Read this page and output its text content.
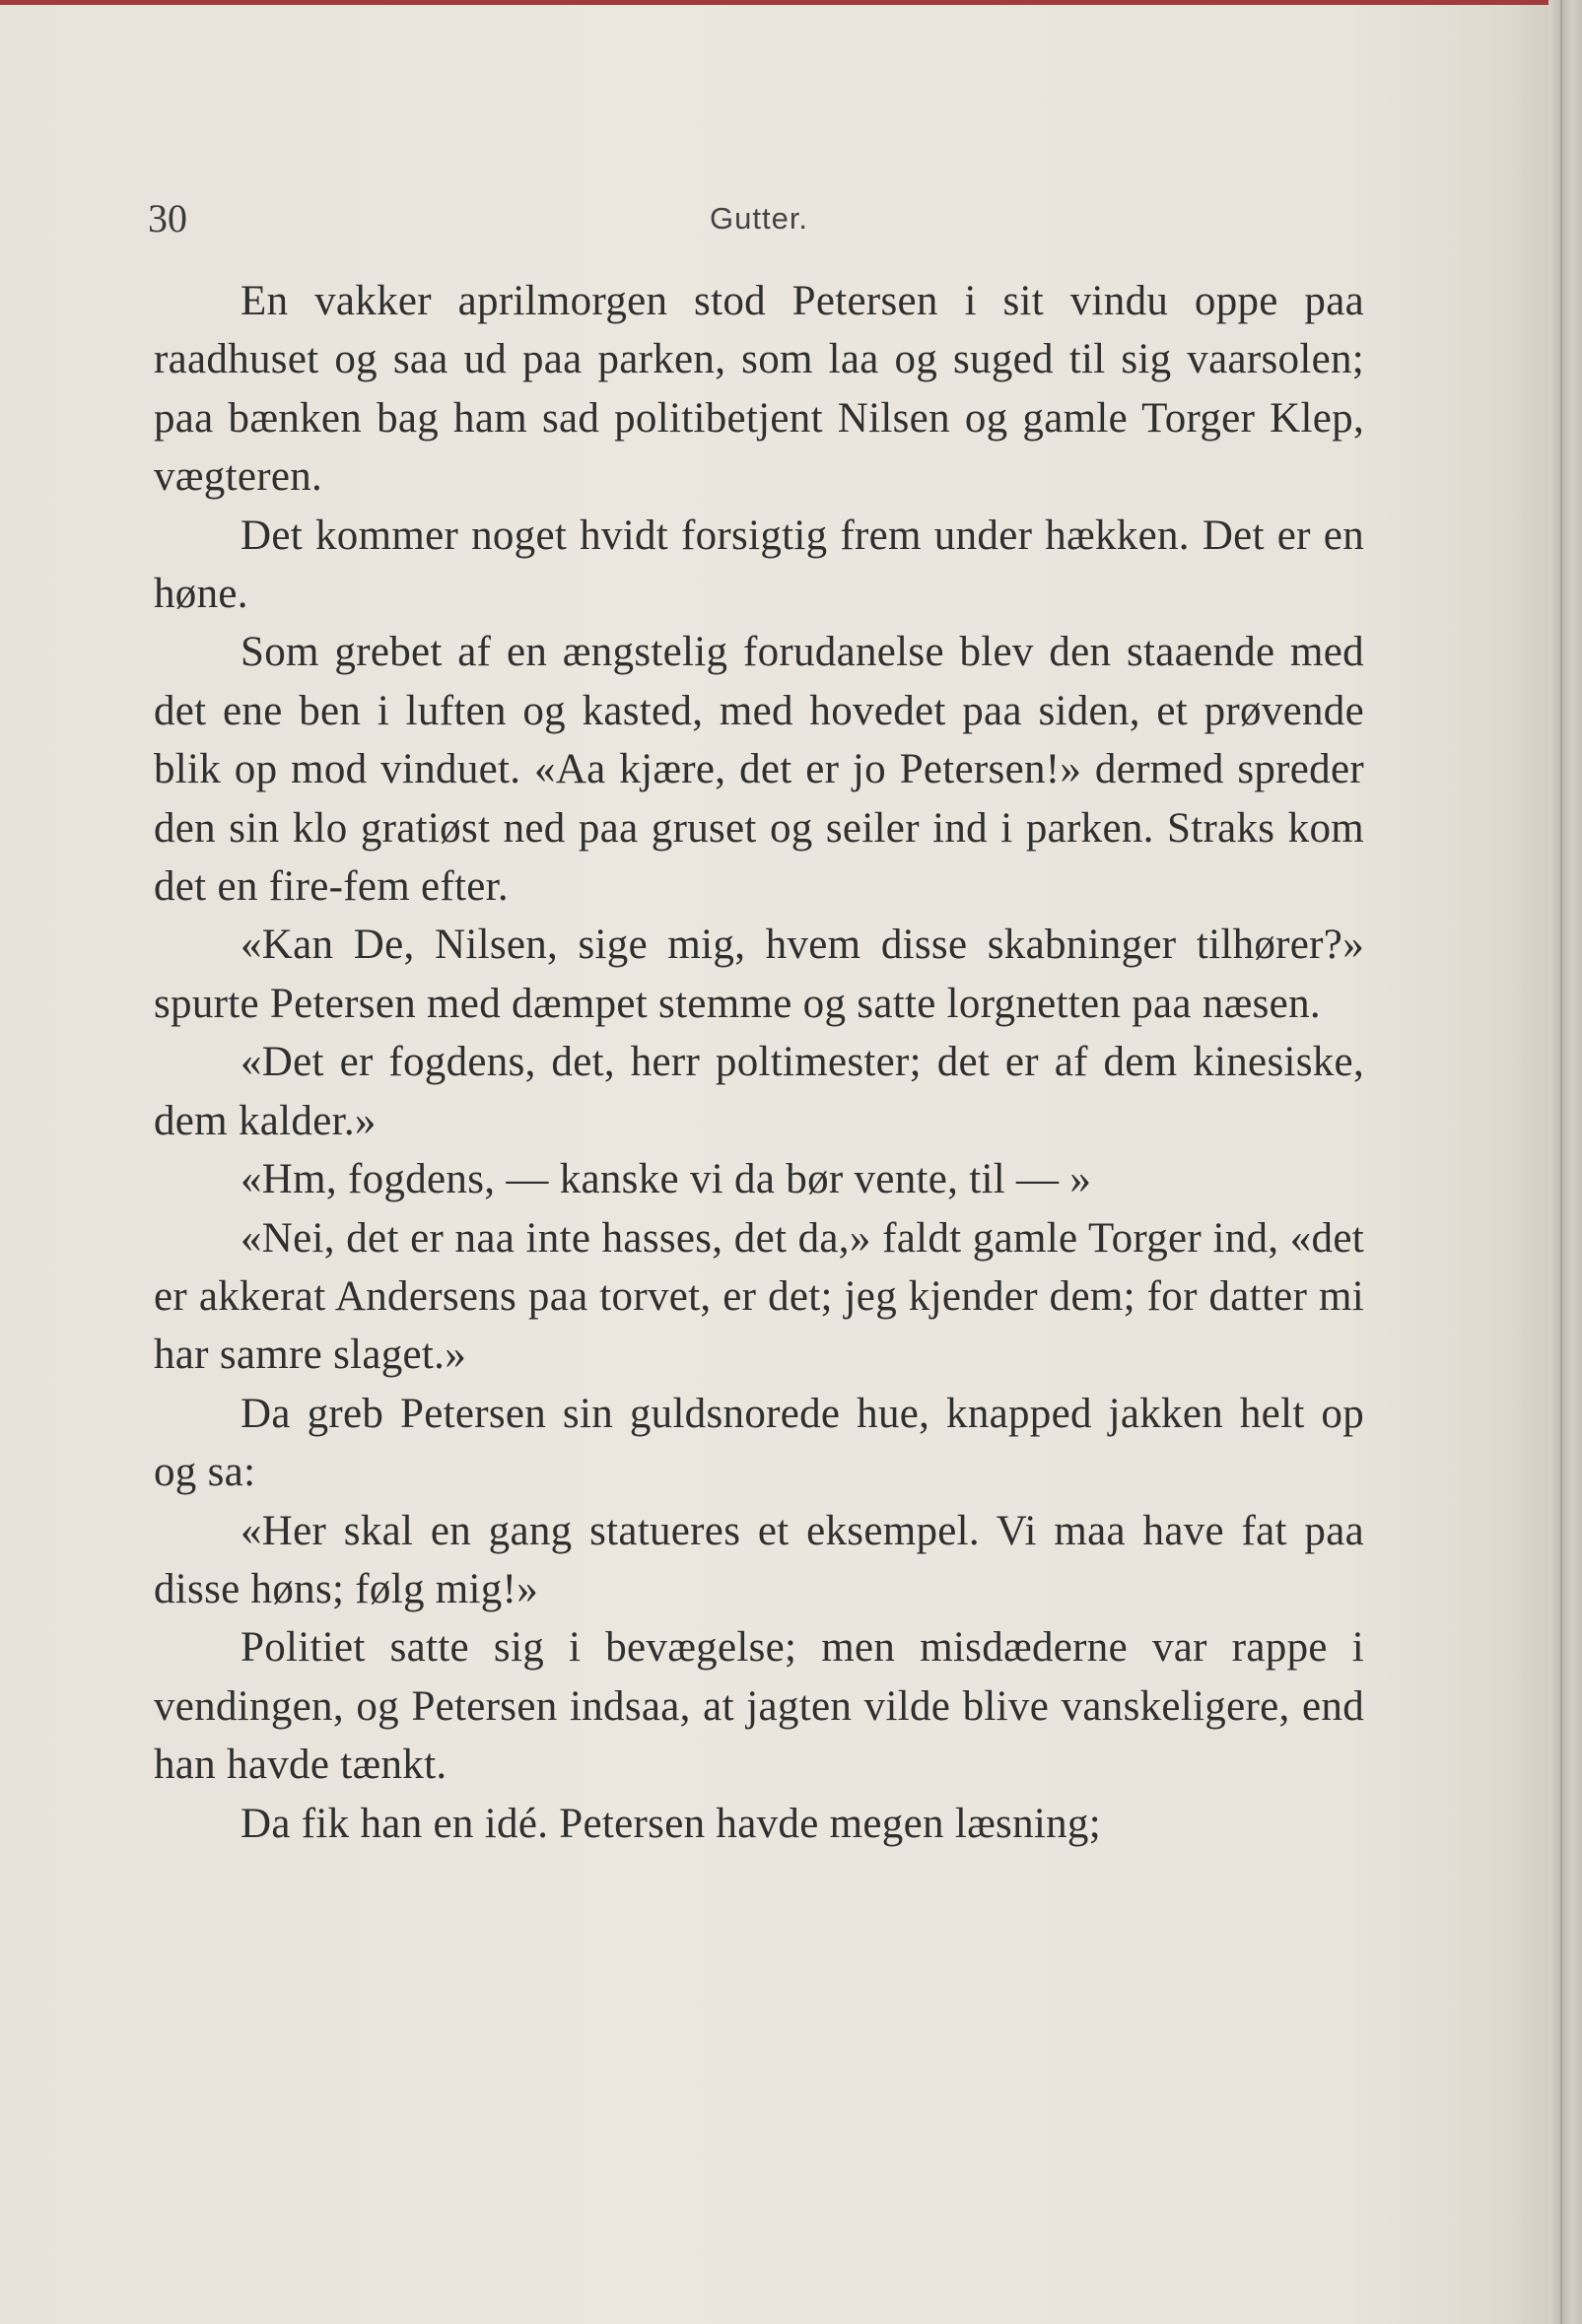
30	Gutter.

En vakker aprilmorgen stod Petersen i sit vindu oppe paa raadhuset og saa ud paa parken, som laa og suged til sig vaarsolen; paa bænken bag ham sad politibetjent Nilsen og gamle Torger Klep, vægteren.

Det kommer noget hvidt forsigtig frem under hækken. Det er en høne.

Som grebet af en ængstelig forudanelse blev den staaende med det ene ben i luften og kasted, med hovedet paa siden, et prøvende blik op mod vinduet. «Aa kjære, det er jo Petersen!» dermed spreder den sin klo gratiøst ned paa gruset og seiler ind i parken. Straks kom det en fire-fem efter.

«Kan De, Nilsen, sige mig, hvem disse skabninger tilhører?» spurte Petersen med dæmpet stemme og satte lorgnetten paa næsen.

«Det er fogdens, det, herr poltimester; det er af dem kinesiske, dem kalder.»

«Hm, fogdens, — kanske vi da bør vente, til — »

«Nei, det er naa inte hasses, det da,» faldt gamle Torger ind, «det er akkerat Andersens paa torvet, er det; jeg kjender dem; for datter mi har samre slaget.»

Da greb Petersen sin guldsnorede hue, knapped jakken helt op og sa:

«Her skal en gang statueres et eksempel. Vi maa have fat paa disse høns; følg mig!»

Politiet satte sig i bevægelse; men misdæderne var rappe i vendingen, og Petersen indsaa, at jagten vilde blive vanskeligere, end han havde tænkt.

Da fik han en idé. Petersen havde megen læsning;
